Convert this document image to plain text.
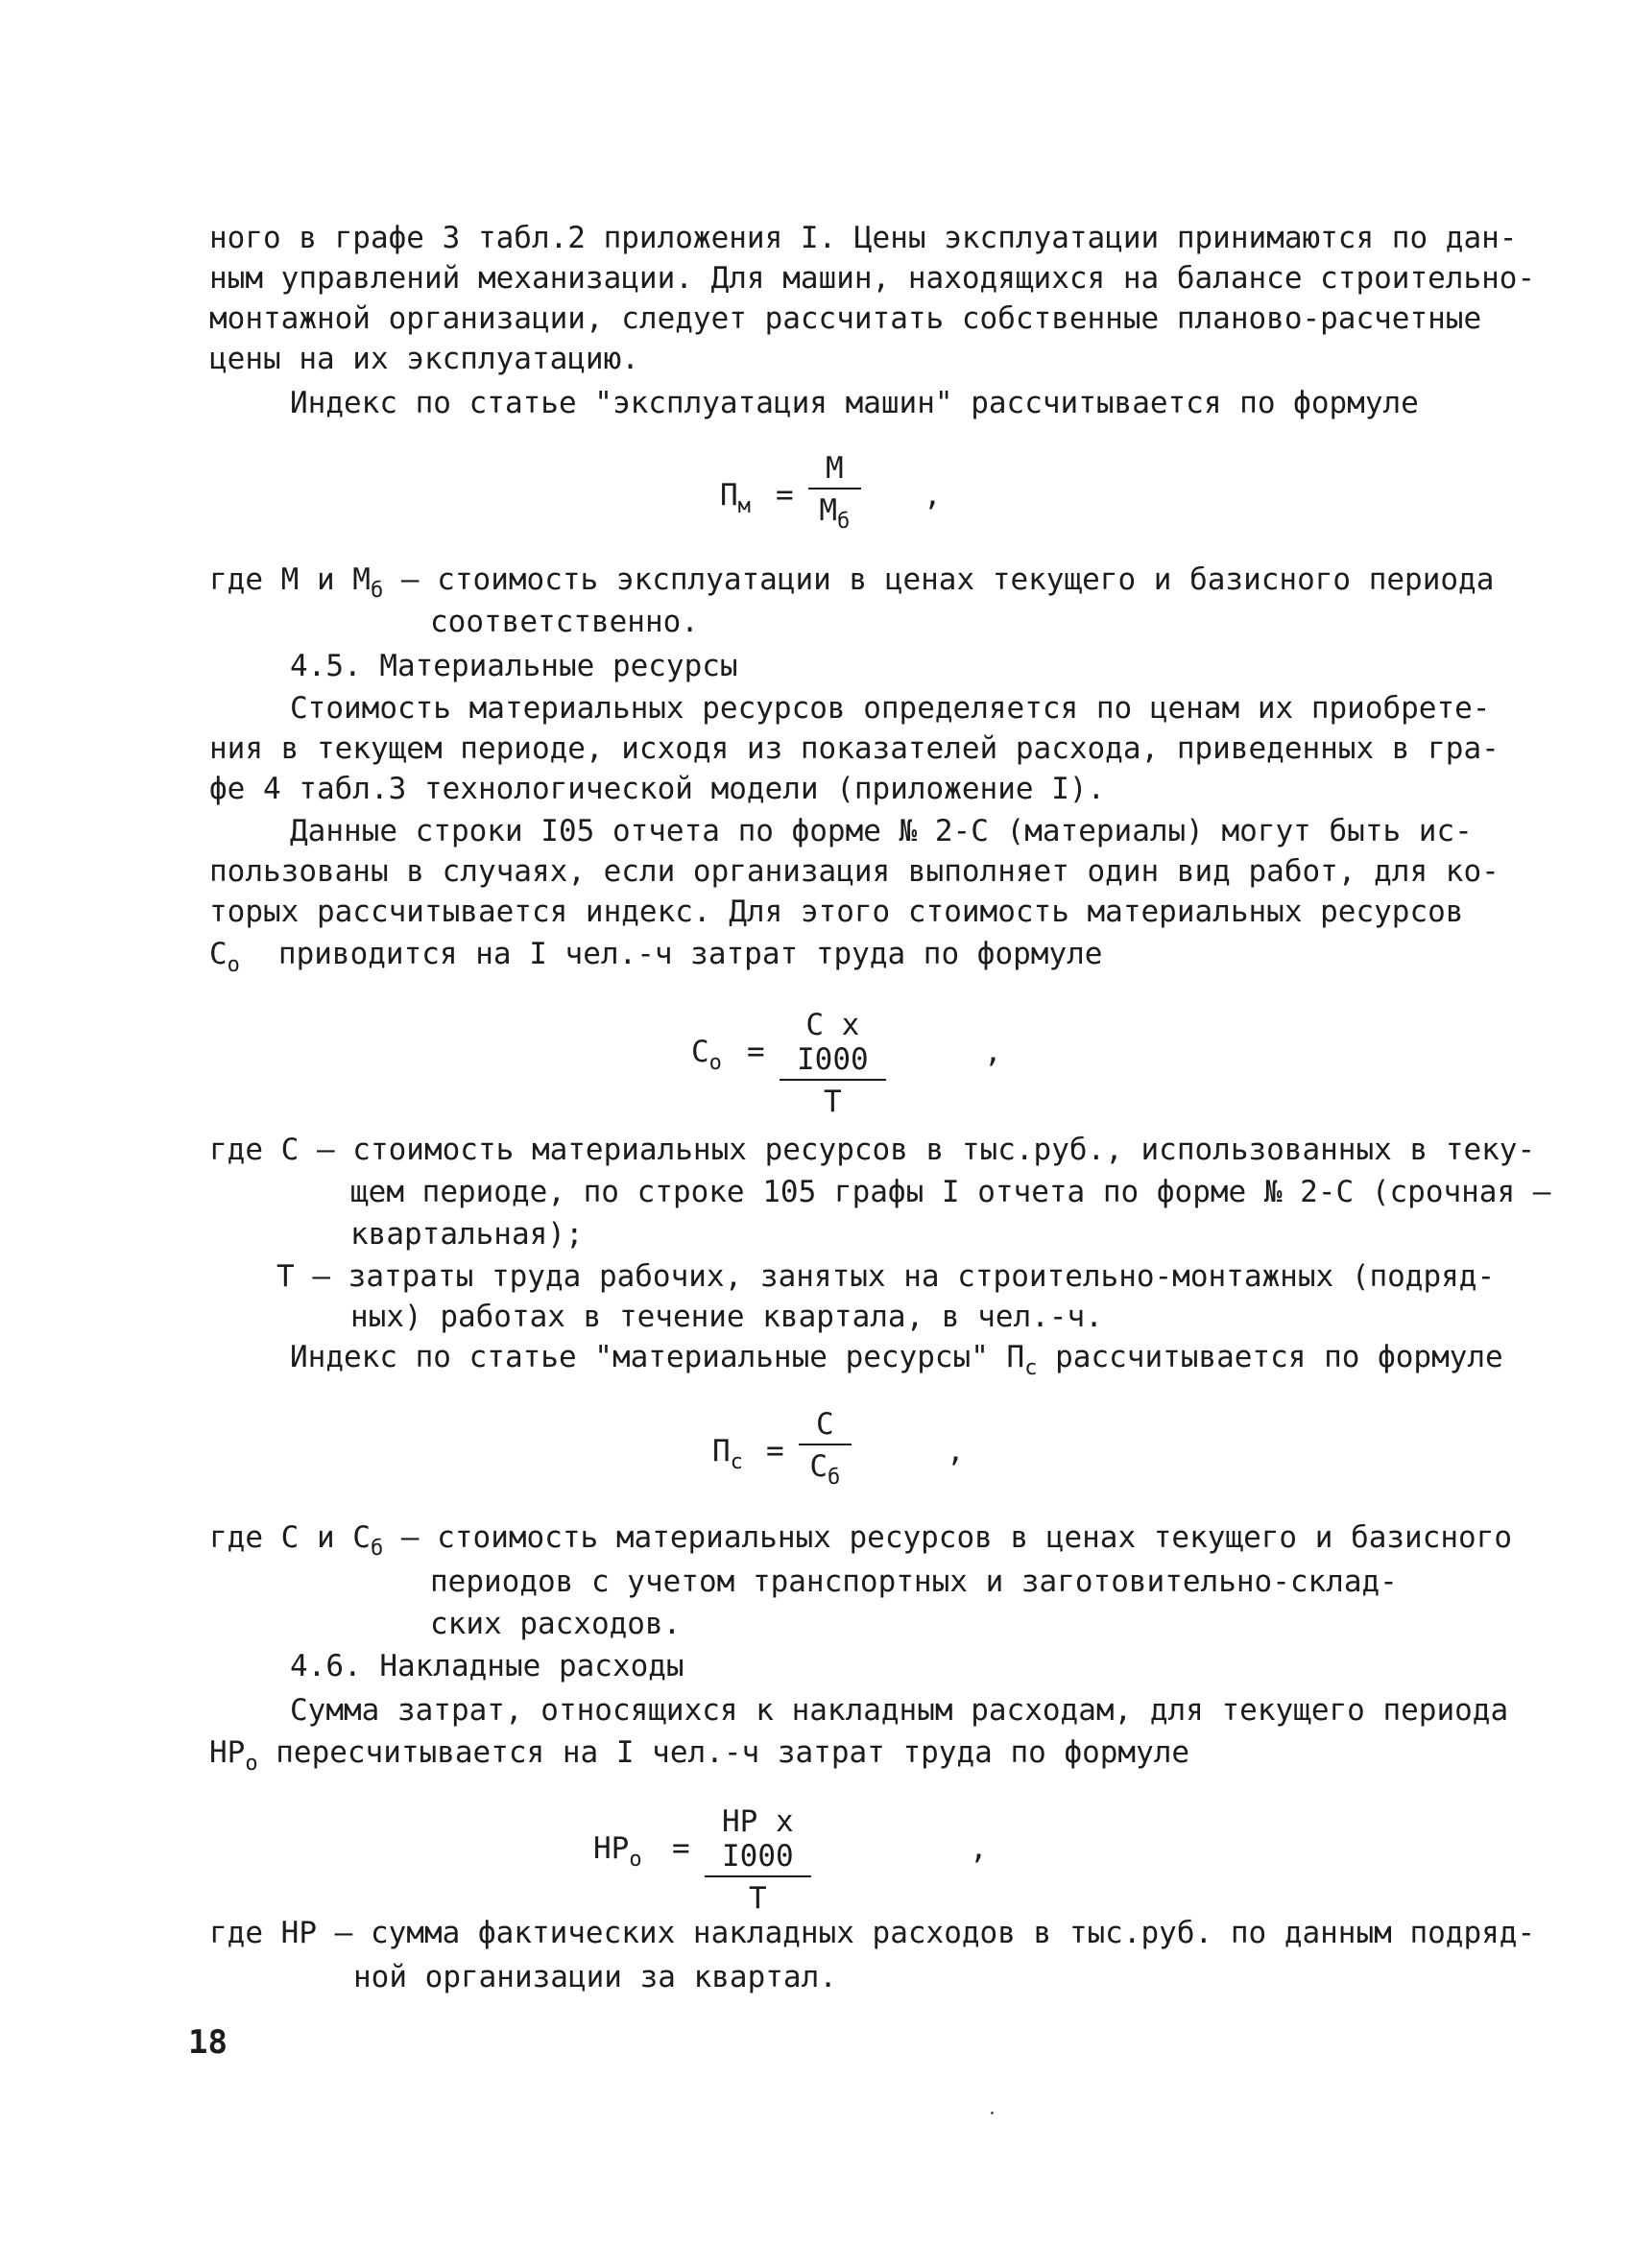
ного в графе 3 табл.2 приложения I. Цены эксплуатации принимаются по дан-
ным управлений механизации. Для машин, находящихся на балансе строительно-
монтажной организации, следует рассчитать собственные планово-расчетные
цены на их эксплуатацию.
Индекс по статье "эксплуатация машин" рассчитывается по формуле
$П_м$ =
М
$М_б$
,
где М и $М_б$ – стоимость эксплуатации в ценах текущего и базисного периода
соответственно.
4.5. Материальные ресурсы
Стоимость материальных ресурсов определяется по ценам их приобрете-
ния в текущем периоде, исходя из показателей расхода, приведенных в гра-
фе 4 табл.3 технологической модели (приложение I).
Данные строки I05 отчета по форме № 2-С (материалы) могут быть ис-
пользованы в случаях, если организация выполняет один вид работ, для ко-
торых рассчитывается индекс. Для этого стоимость материальных ресурсов
$С_о$ приводится на I чел.-ч затрат труда по формуле
$С_о$ =
С х I000
Т
,
где С – стоимость материальных ресурсов в тыс.руб., использованных в теку-
щем периоде, по строке 105 графы I отчета по форме № 2-С (срочная –
квартальная);
Т – затраты труда рабочих, занятых на строительно-монтажных (подряд-
ных) работах в течение квартала, в чел.-ч.
Индекс по статье "материальные ресурсы" $П_с$ рассчитывается по формуле
$П_с$ =
С
$С_б$
,
где С и $С_б$ – стоимость материальных ресурсов в ценах текущего и базисного
периодов с учетом транспортных и заготовительно-склад-
ских расходов.
4.6. Накладные расходы
Сумма затрат, относящихся к накладным расходам, для текущего периода
$НР_о$ пересчитывается на I чел.-ч затрат труда по формуле
$НР_о$ =
НР х I000
Т
,
где НР – сумма фактических накладных расходов в тыс.руб. по данным подряд-
ной организации за квартал.
18
